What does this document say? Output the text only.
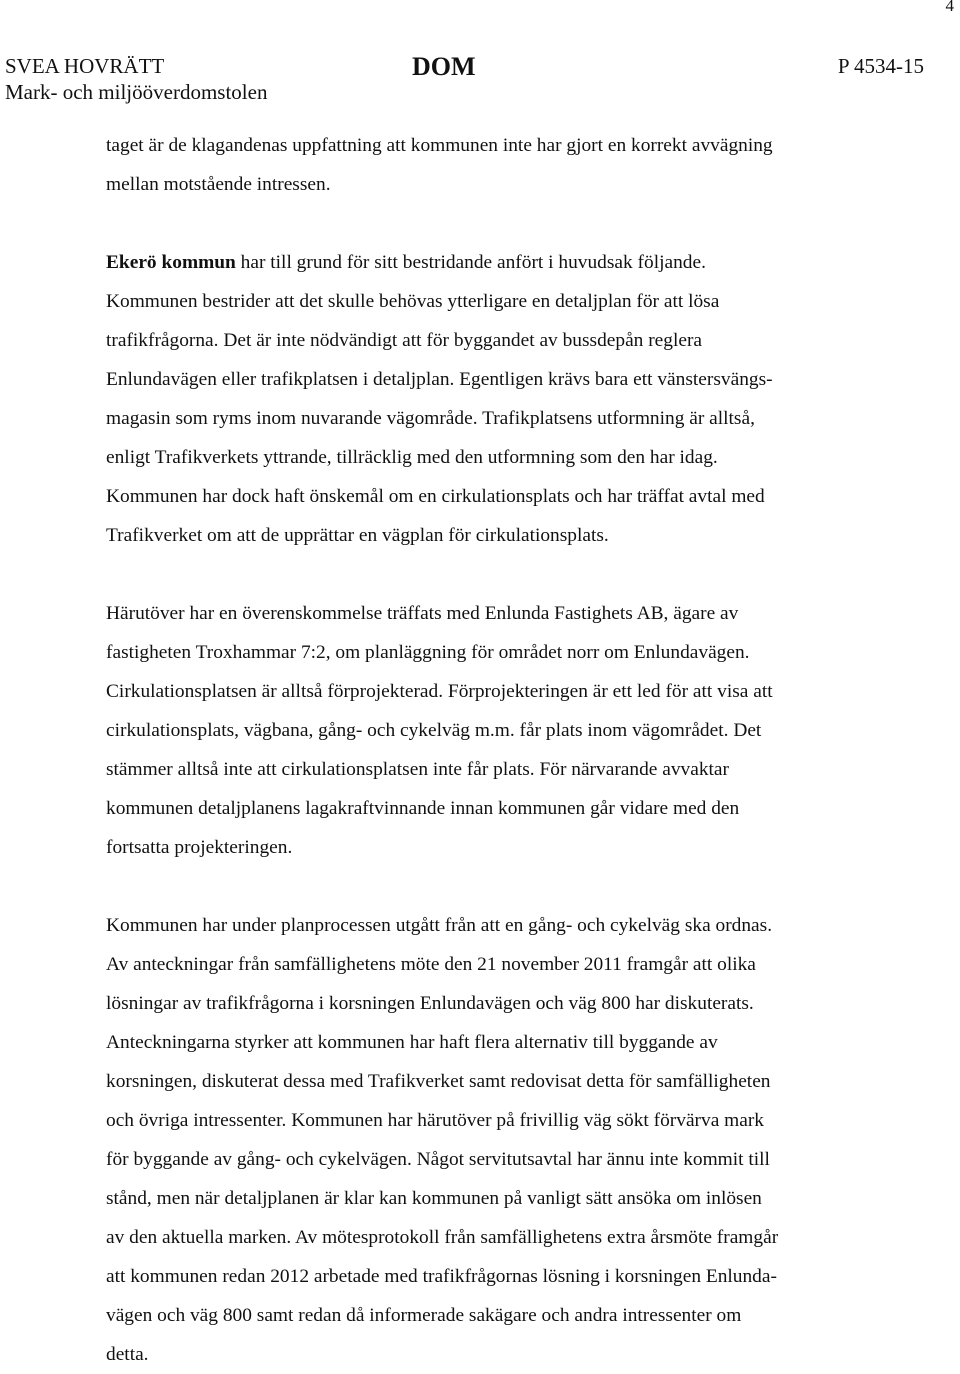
4
SVEA HOVRÄTT
Mark- och miljööverdomstolen
DOM	P 4534-15

taget är de klagandenas uppfattning att kommunen inte har gjort en korrekt avvägning
mellan motstående intressen.

Ekerö kommun har till grund för sitt bestridande anfört i huvudsak följande.
Kommunen bestrider att det skulle behövas ytterligare en detaljplan för att lösa
trafikfrågorna. Det är inte nödvändigt att för byggandet av bussdepån reglera
Enlundavägen eller trafikplatsen i detaljplan. Egentligen krävs bara ett vänstersvängs-
magasin som ryms inom nuvarande vägområde. Trafikplatsens utformning är alltså,
enligt Trafikverkets yttrande, tillräcklig med den utformning som den har idag.
Kommunen har dock haft önskemål om en cirkulationsplats och har träffat avtal med
Trafikverket om att de upprättar en vägplan för cirkulationsplats.

Härutöver har en överenskommelse träffats med Enlunda Fastighets AB, ägare av
fastigheten Troxhammar 7:2, om planläggning för området norr om Enlundavägen.
Cirkulationsplatsen är alltså förprojekterad. Förprojekteringen är ett led för att visa att
cirkulationsplats, vägbana, gång- och cykelväg m.m. får plats inom vägområdet. Det
stämmer alltså inte att cirkulationsplatsen inte får plats. För närvarande avvaktar
kommunen detaljplanens lagakraftvinnande innan kommunen går vidare med den
fortsatta projekteringen.

Kommunen har under planprocessen utgått från att en gång- och cykelväg ska ordnas.
Av anteckningar från samfällighetens möte den 21 november 2011 framgår att olika
lösningar av trafikfrågorna i korsningen Enlundavägen och väg 800 har diskuterats.
Anteckningarna styrker att kommunen har haft flera alternativ till byggande av
korsningen, diskuterat dessa med Trafikverket samt redovisat detta för samfälligheten
och övriga intressenter. Kommunen har härutöver på frivillig väg sökt förvärva mark
för byggande av gång- och cykelvägen. Något servitutsavtal har ännu inte kommit till
stånd, men när detaljplanen är klar kan kommunen på vanligt sätt ansöka om inlösen
av den aktuella marken. Av mötesprotokoll från samfällighetens extra årsmöte framgår
att kommunen redan 2012 arbetade med trafikfrågornas lösning i korsningen Enlunda-
vägen och väg 800 samt redan då informerade sakägare och andra intressenter om
detta.
